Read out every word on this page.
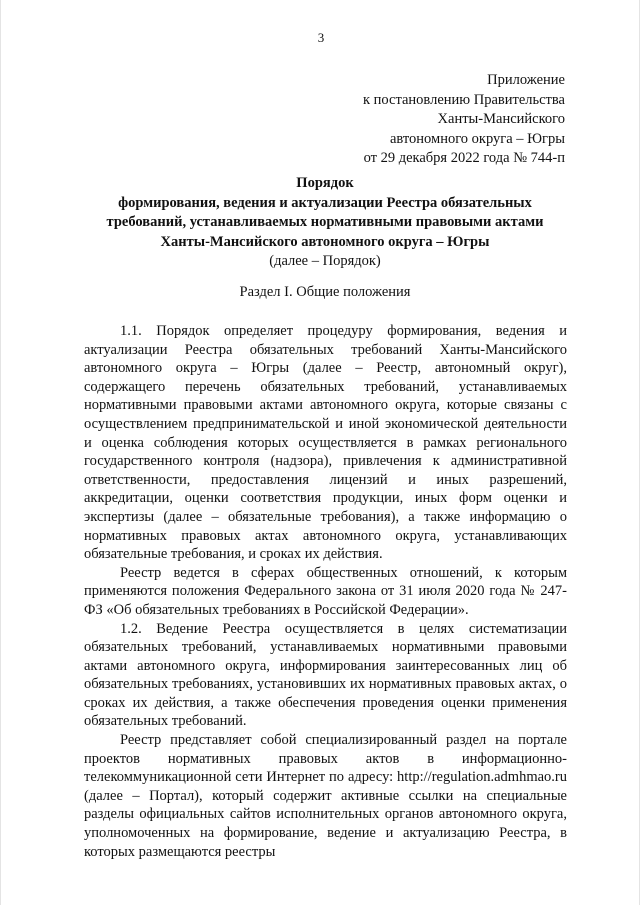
3
Приложение
к постановлению Правительства
Ханты-Мансийского
автономного округа – Югры
от 29 декабря 2022 года № 744-п
Порядок
формирования, ведения и актуализации Реестра обязательных
требований, устанавливаемых нормативными правовыми актами
Ханты-Мансийского автономного округа – Югры
(далее – Порядок)
Раздел I. Общие положения

1.1. Порядок определяет процедуру формирования, ведения и актуализации Реестра обязательных требований Ханты-Мансийского автономного округа – Югры (далее – Реестр, автономный округ), содержащего перечень обязательных требований, устанавливаемых нормативными правовыми актами автономного округа, которые связаны с осуществлением предпринимательской и иной экономической деятельности и оценка соблюдения которых осуществляется в рамках регионального государственного контроля (надзора), привлечения к административной ответственности, предоставления лицензий и иных разрешений, аккредитации, оценки соответствия продукции, иных форм оценки и экспертизы (далее – обязательные требования), а также информацию о нормативных правовых актах автономного округа, устанавливающих обязательные требования, и сроках их действия.

Реестр ведется в сферах общественных отношений, к которым применяются положения Федерального закона от 31 июля 2020 года № 247-ФЗ «Об обязательных требованиях в Российской Федерации».

1.2. Ведение Реестра осуществляется в целях систематизации обязательных требований, устанавливаемых нормативными правовыми актами автономного округа, информирования заинтересованных лиц об обязательных требованиях, установивших их нормативных правовых актах, о сроках их действия, а также обеспечения проведения оценки применения обязательных требований.

Реестр представляет собой специализированный раздел на портале проектов нормативных правовых актов в информационно-телекоммуникационной сети Интернет по адресу: http://regulation.admhmao.ru (далее – Портал), который содержит активные ссылки на специальные разделы официальных сайтов исполнительных органов автономного округа, уполномоченных на формирование, ведение и актуализацию Реестра, в которых размещаются реестры
